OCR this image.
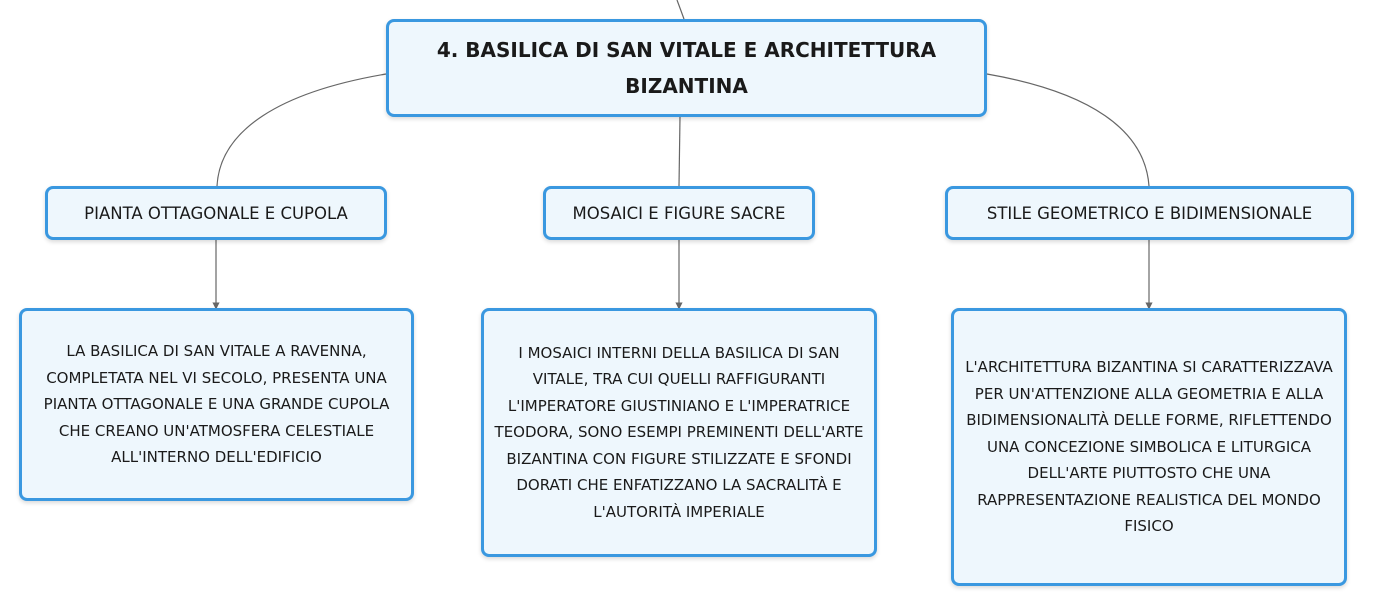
4. BASILICA DI SAN VITALE E ARCHITETTURA BIZANTINA
PIANTA OTTAGONALE E CUPOLA	MOSAICI E FIGURE SACRE	STILE GEOMETRICO E BIDIMENSIONALE
LA BASILICA DI SAN VITALE A RAVENNA, COMPLETATA NEL VI SECOLO, PRESENTA UNA PIANTA OTTAGONALE E UNA GRANDE CUPOLA CHE CREANO UN'ATMOSFERA CELESTIALE ALL'INTERNO DELL'EDIFICIO
I MOSAICI INTERNI DELLA BASILICA DI SAN VITALE, TRA CUI QUELLI RAFFIGURANTI L'IMPERATORE GIUSTINIANO E L'IMPERATRICE TEODORA, SONO ESEMPI PREMINENTI DELL'ARTE BIZANTINA CON FIGURE STILIZZATE E SFONDI DORATI CHE ENFATIZZANO LA SACRALITÀ E L'AUTORITÀ IMPERIALE
L'ARCHITETTURA BIZANTINA SI CARATTERIZZAVA PER UN'ATTENZIONE ALLA GEOMETRIA E ALLA BIDIMENSIONALITÀ DELLE FORME, RIFLETTENDO UNA CONCEZIONE SIMBOLICA E LITURGICA DELL'ARTE PIUTTOSTO CHE UNA RAPPRESENTAZIONE REALISTICA DEL MONDO FISICO
